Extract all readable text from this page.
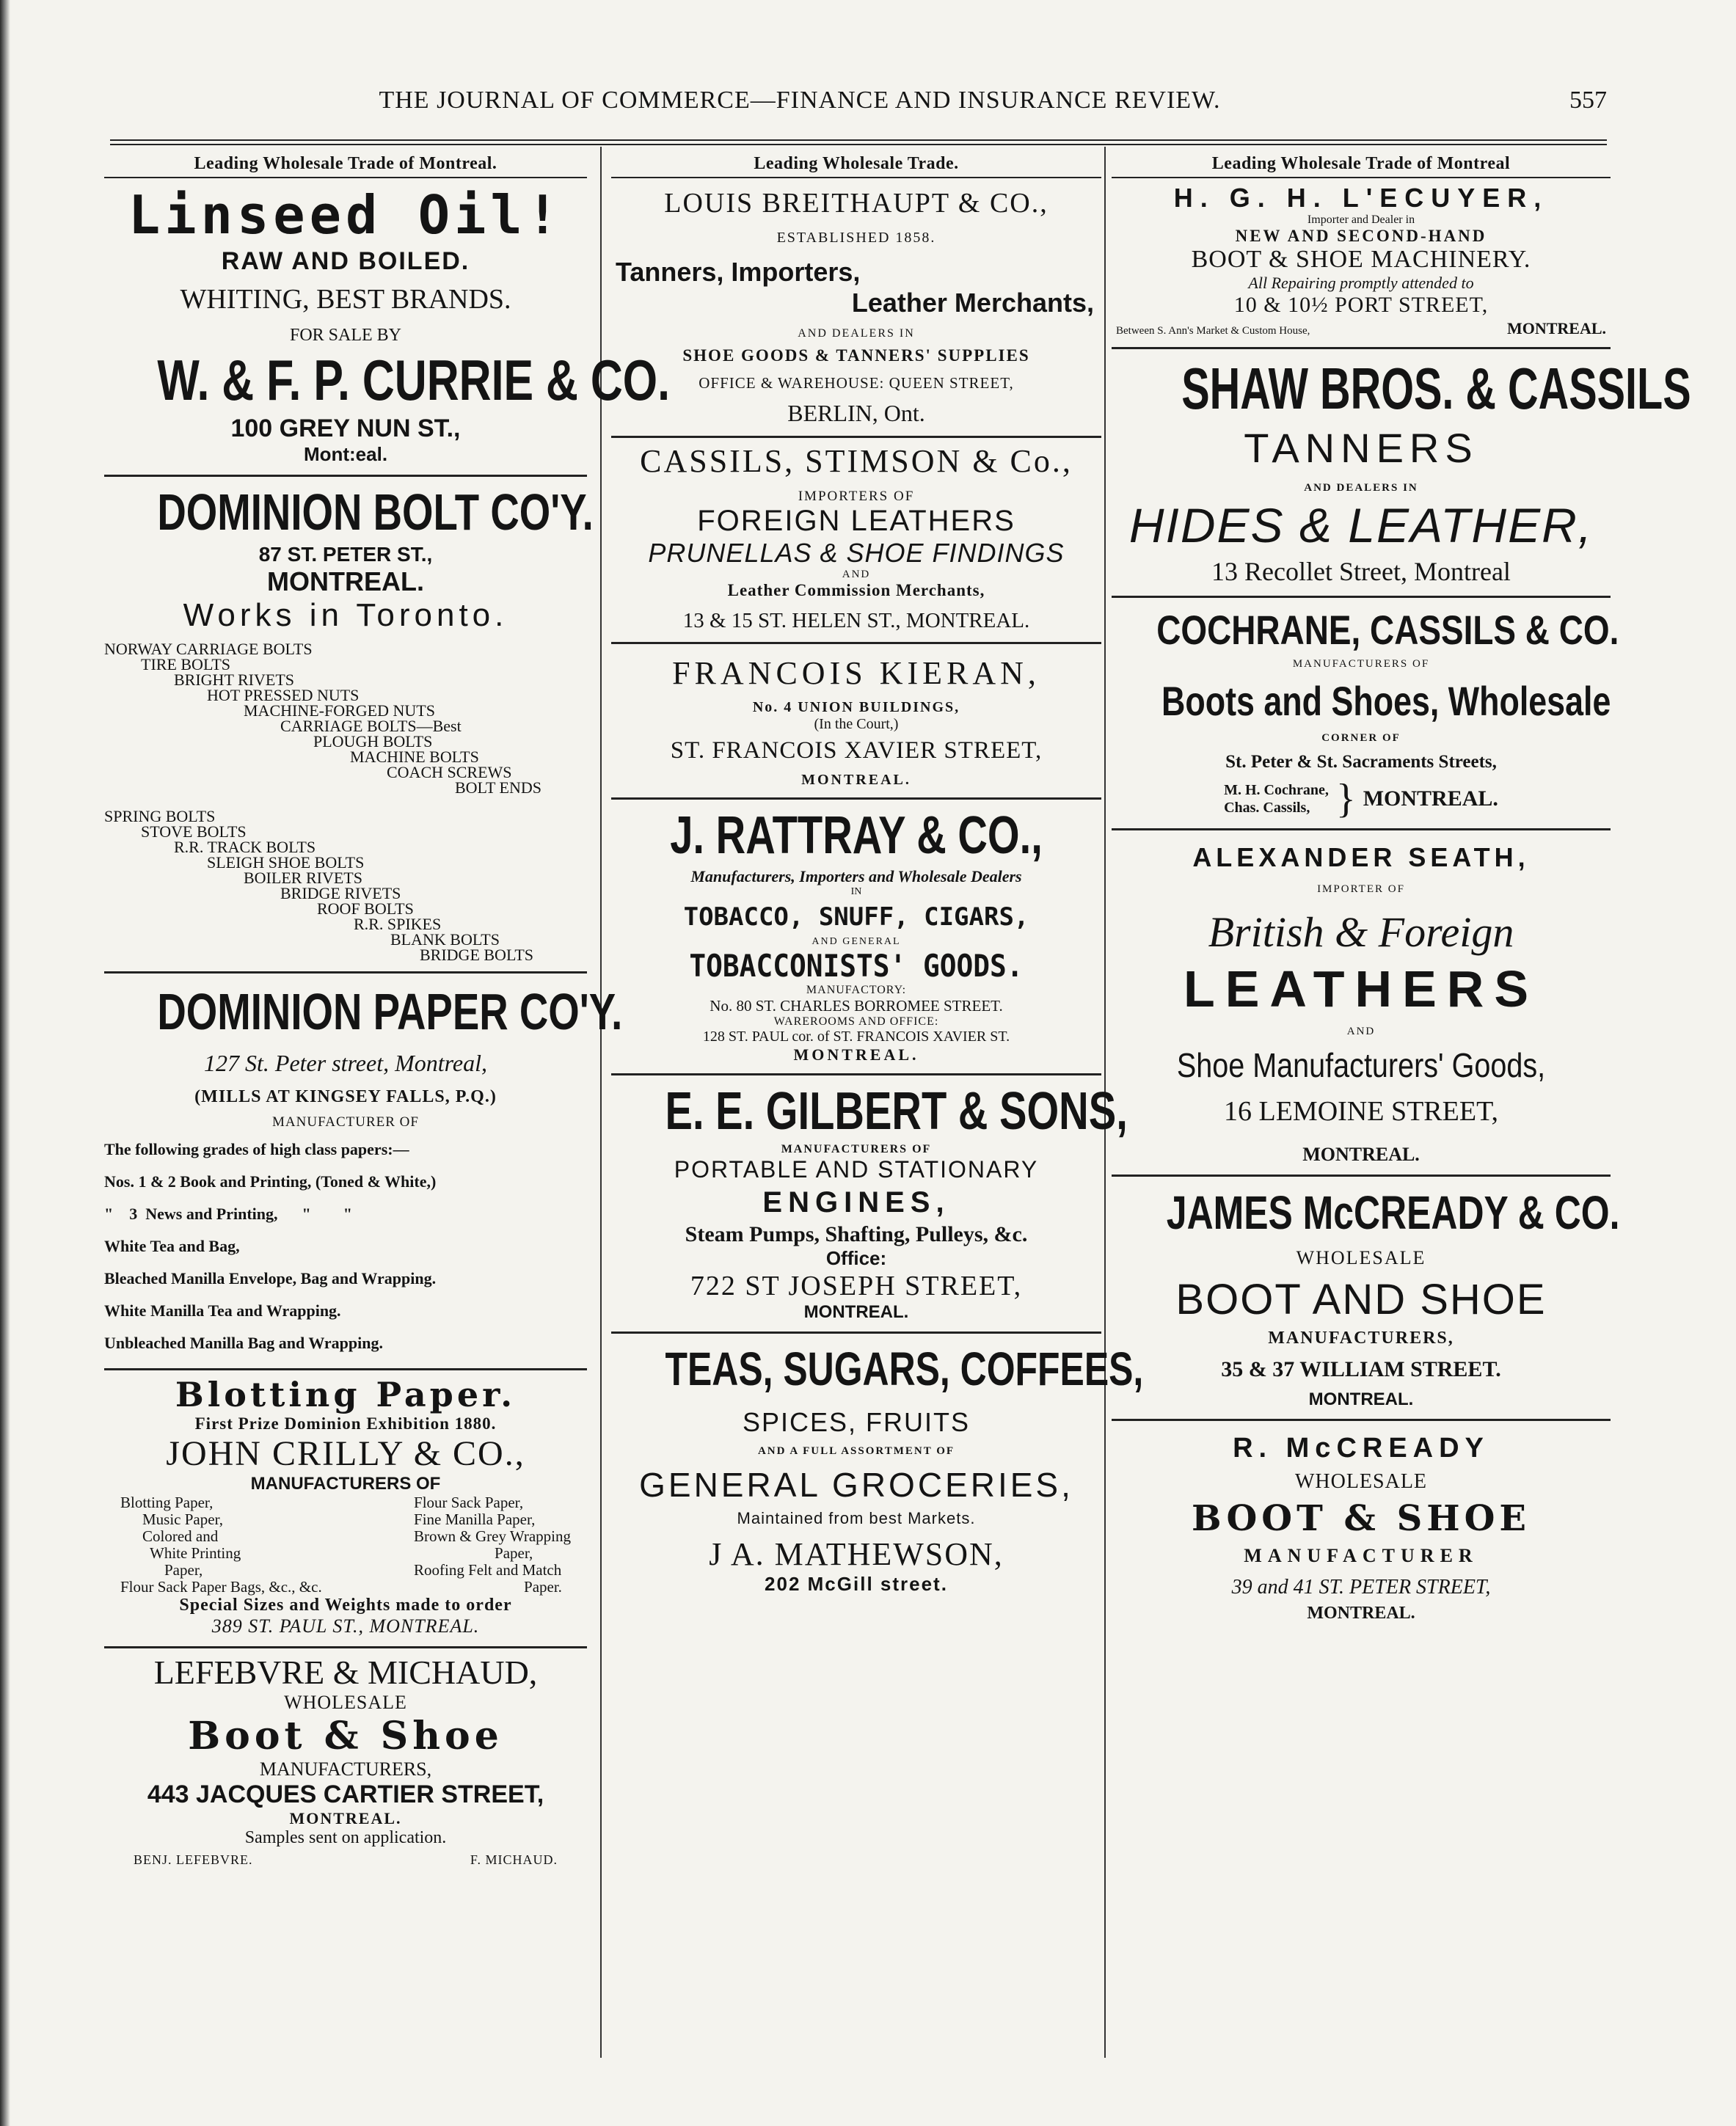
THE JOURNAL OF COMMERCE—FINANCE AND INSURANCE REVIEW.	557
Leading Wholesale Trade of Montreal.
Linseed Oil!
RAW AND BOILED.
WHITING, BEST BRANDS.
FOR SALE BY
W. & F. P. CURRIE & CO.
100 GREY NUN ST.,
Mont:eal.
DOMINION BOLT CO'Y.
87 ST. PETER ST.,
MONTREAL.
Works in Toronto.
NORWAY CARRIAGE BOLTS
TIRE BOLTS
BRIGHT RIVETS
HOT PRESSED NUTS
MACHINE-FORGED NUTS
CARRIAGE BOLTS—Best
PLOUGH BOLTS
MACHINE BOLTS
COACH SCREWS
BOLT ENDS
SPRING BOLTS
STOVE BOLTS
R.R. TRACK BOLTS
SLEIGH SHOE BOLTS
BOILER RIVETS
BRIDGE RIVETS
ROOF BOLTS
R.R. SPIKES
BLANK BOLTS
BRIDGE BOLTS
DOMINION PAPER CO'Y.
127 St. Peter street, Montreal,
(MILLS AT KINGSEY FALLS, P.Q.)
MANUFACTURER OF
The following grades of high class papers:—
Nos. 1 & 2 Book and Printing, (Toned & White,)
"    3  News and Printing,      "        "
White Tea and Bag,
Bleached Manilla Envelope, Bag and Wrapping.
White Manilla Tea and Wrapping.
Unbleached Manilla Bag and Wrapping.
Blotting Paper.
First Prize Dominion Exhibition 1880.
JOHN CRILLY & CO.,
MANUFACTURERS OF
Blotting Paper,
Music Paper,
Colored and
White Printing
Paper,
Flour Sack Paper Bags, &c., &c.
Flour Sack Paper,
Fine Manilla Paper,
Brown & Grey Wrapping
Paper,
Roofing Felt and Match
Paper.
Special Sizes and Weights made to order
389 ST. PAUL ST., MONTREAL.
LEFEBVRE & MICHAUD,
WHOLESALE
Boot & Shoe
MANUFACTURERS,
443 JACQUES CARTIER STREET,
MONTREAL.
Samples sent on application.
BENJ. LEFEBVRE.	F. MICHAUD.
Leading Wholesale Trade.
LOUIS BREITHAUPT & CO.,
ESTABLISHED 1858.
Tanners, Importers,
Leather Merchants,
AND DEALERS IN
SHOE GOODS & TANNERS' SUPPLIES
OFFICE & WAREHOUSE: QUEEN STREET,
BERLIN, Ont.
CASSILS, STIMSON & Co.,
IMPORTERS OF
FOREIGN LEATHERS
PRUNELLAS & SHOE FINDINGS
AND
Leather Commission Merchants,
13 & 15 ST. HELEN ST., MONTREAL.
FRANCOIS KIERAN,
No. 4 UNION BUILDINGS,
(In the Court,)
ST. FRANCOIS XAVIER STREET,
MONTREAL.
J. RATTRAY & CO.,
Manufacturers, Importers and Wholesale Dealers
IN
TOBACCO, SNUFF, CIGARS,
AND GENERAL
TOBACCONISTS' GOODS.
MANUFACTORY:
No. 80 ST. CHARLES BORROMEE STREET.
WAREROOMS AND OFFICE:
128 ST. PAUL cor. of ST. FRANCOIS XAVIER ST.
MONTREAL.
E. E. GILBERT & SONS,
MANUFACTURERS OF
PORTABLE AND STATIONARY
ENGINES,
Steam Pumps, Shafting, Pulleys, &c.
Office:
722 ST JOSEPH STREET,
MONTREAL.
TEAS, SUGARS, COFFEES,
SPICES, FRUITS
AND A FULL ASSORTMENT OF
GENERAL GROCERIES,
Maintained from best Markets.
J A. MATHEWSON,
202 McGill street.
Leading Wholesale Trade of Montreal
H. G. H. L'ECUYER,
Importer and Dealer in
NEW AND SECOND-HAND
BOOT & SHOE MACHINERY.
All Repairing promptly attended to
10 & 10½ PORT STREET,
Between S. Ann's Market & Custom House,	MONTREAL.
SHAW BROS. & CASSILS
TANNERS
AND DEALERS IN
HIDES & LEATHER,
13 Recollet Street, Montreal
COCHRANE, CASSILS & CO.
MANUFACTURERS OF
Boots and Shoes, Wholesale
CORNER OF
St. Peter & St. Sacraments Streets,
M. H. Cochrane,
Chas. Cassils, } MONTREAL.
ALEXANDER SEATH,
IMPORTER OF
British & Foreign
LEATHERS
AND
Shoe Manufacturers' Goods,
16 LEMOINE STREET,
MONTREAL.
JAMES McCREADY & CO.
WHOLESALE
BOOT AND SHOE
MANUFACTURERS,
35 & 37 WILLIAM STREET.
MONTREAL.
R. McCREADY
WHOLESALE
BOOT & SHOE
MANUFACTURER
39 and 41 ST. PETER STREET,
MONTREAL.
